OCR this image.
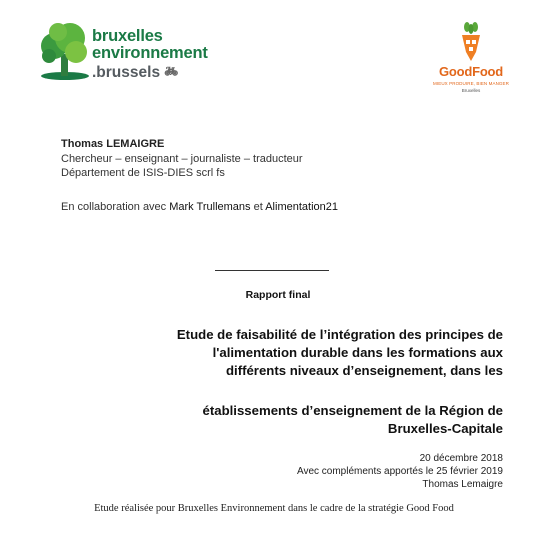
bruxelles
environnement
.brussels 🚲︎	GoodFood
MIEUX PRODUIRE, BIEN MANGER
Bruxelles
Thomas LEMAIGRE
Chercheur – enseignant – journaliste – traducteur
Département de ISIS-DIES scrl fs
En collaboration avec Mark Trullemans et Alimentation21
Rapport final
Etude de faisabilité de l’intégration des principes de
l'alimentation durable dans les formations aux
différents niveaux d’enseignement, dans les
établissements d’enseignement de la Région de
Bruxelles-Capitale
20 décembre 2018
Avec compléments apportés le 25 février 2019
Thomas Lemaigre
Etude réalisée pour Bruxelles Environnement dans le cadre de la stratégie Good Food
